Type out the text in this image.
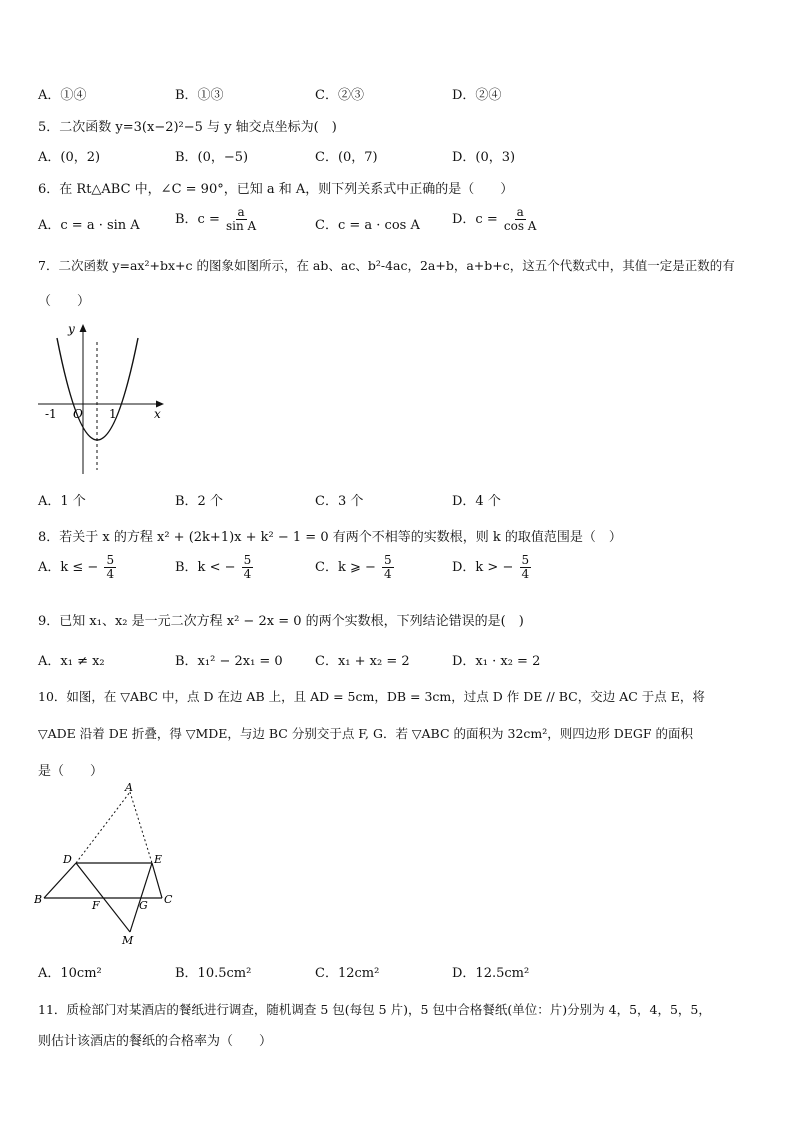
A．①④	B．①③	C．②③	D．②④
5．二次函数 y=3(x−2)²−5 与 y 轴交点坐标为(　)
A．(0，2)	B．(0，−5)	C．(0，7)	D．(0，3)
6．在 Rt△ABC 中，∠C = 90°，已知 a 和 A，则下列关系式中正确的是（　　）
A．c = a · sin A	B．$c = \frac{a}{\text{sin A}}$	C．c = a · cos A D．$c = \frac{a}{\text{cos A}}$
7．二次函数 y=ax²+bx+c 的图象如图所示，在 ab、ac、b²-4ac，2a+b，a+b+c，这五个代数式中，其值一定是正数的有
（　　）
y
x
O
-1	1
A．1 个	B．2 个	C．3 个	D．4 个
8．若关于 x 的方程 x² + (2k+1)x + k² − 1 = 0 有两个不相等的实数根，则 k 的取值范围是（　）
A．k ≤ − $\frac{5}{4}$	B．k < − $\frac{5}{4}$	C．k ⩾ − $\frac{5}{4}$	D．k > − $\frac{5}{4}$
9．已知 x₁、x₂ 是一元二次方程 x² − 2x = 0 的两个实数根，下列结论错误的是(　)
A．x₁ ≠ x₂	B．x₁² − 2x₁ = 0 C．x₁ + x₂ = 2	D．x₁ · x₂ = 2
10．如图，在 ▽ABC 中，点 D 在边 AB 上，且 AD = 5cm，DB = 3cm，过点 D 作 DE // BC，交边 AC 于点 E，将
▽ADE 沿着 DE 折叠，得 ▽MDE，与边 BC 分别交于点 F, G．若 ▽ABC 的面积为 32cm²，则四边形 DEGF 的面积
是（　　）
A
D	E
B	C
F	G
M
A．10cm²	B．10.5cm²	C．12cm²	D．12.5cm²
11．质检部门对某酒店的餐纸进行调查，随机调查 5 包(每包 5 片)，5 包中合格餐纸(单位：片)分别为 4，5，4，5，5，
则估计该酒店的餐纸的合格率为（　　）
